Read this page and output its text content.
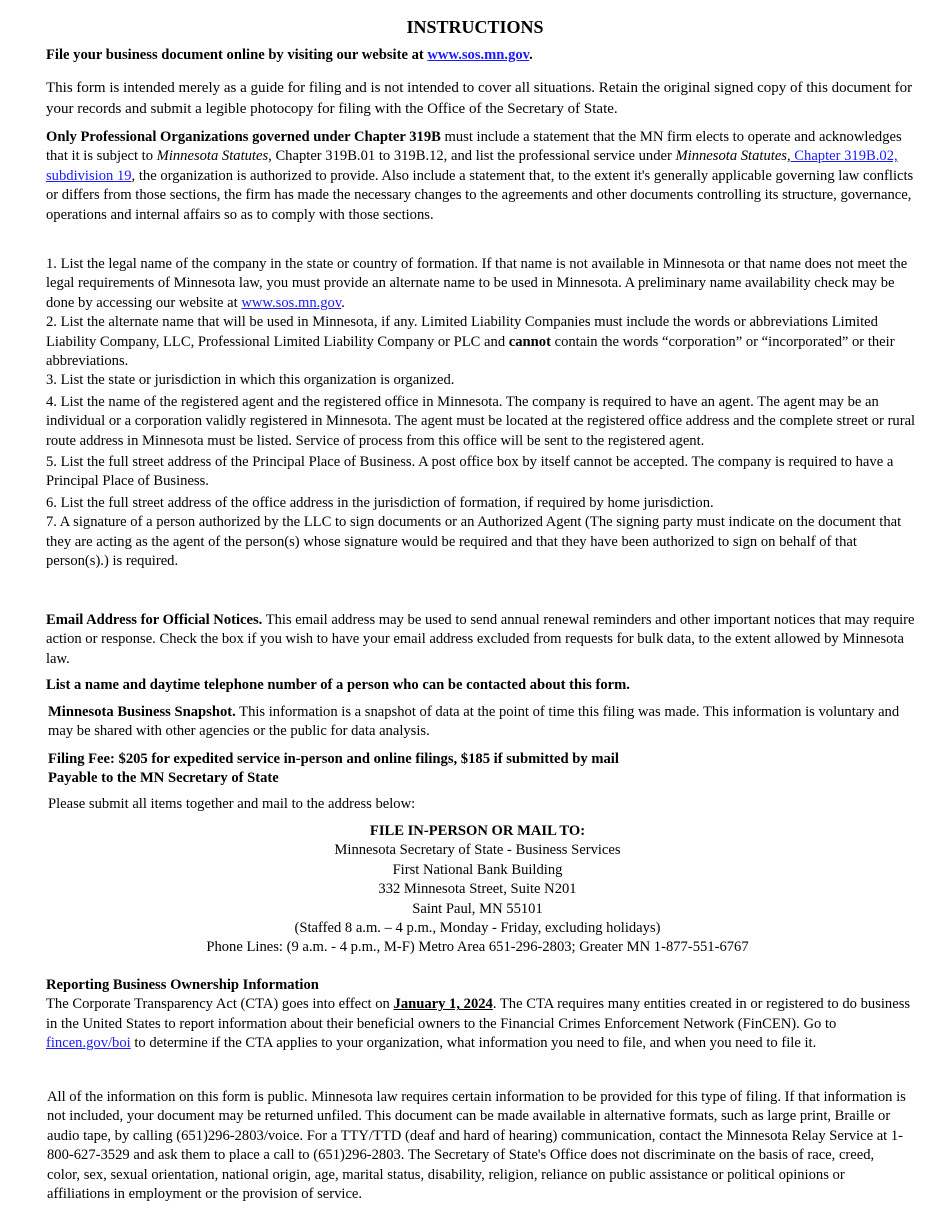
INSTRUCTIONS

File your business document online by visiting our website at www.sos.mn.gov.

This form is intended merely as a guide for filing and is not intended to cover all situations. Retain the original signed copy of this document for your records and submit a legible photocopy for filing with the Office of the Secretary of State.

Only Professional Organizations governed under Chapter 319B must include a statement that the MN firm elects to operate and acknowledges that it is subject to Minnesota Statutes, Chapter 319B.01 to 319B.12, and list the professional service under Minnesota Statutes, Chapter 319B.02, subdivision 19, the organization is authorized to provide. Also include a statement that, to the extent it's generally applicable governing law conflicts or differs from those sections, the firm has made the necessary changes to the agreements and other documents controlling its structure, governance, operations and internal affairs so as to comply with those sections.

1. List the legal name of the company in the state or country of formation. If that name is not available in Minnesota or that name does not meet the legal requirements of Minnesota law, you must provide an alternate name to be used in Minnesota. A preliminary name availability check may be done by accessing our website at www.sos.mn.gov.

2. List the alternate name that will be used in Minnesota, if any. Limited Liability Companies must include the words or abbreviations Limited Liability Company, LLC, Professional Limited Liability Company or PLC and cannot contain the words “corporation” or “incorporated” or their abbreviations.

3. List the state or jurisdiction in which this organization is organized.

4. List the name of the registered agent and the registered office in Minnesota. The company is required to have an agent. The agent may be an individual or a corporation validly registered in Minnesota. The agent must be located at the registered office address and the complete street or rural route address in Minnesota must be listed. Service of process from this office will be sent to the registered agent.

5. List the full street address of the Principal Place of Business. A post office box by itself cannot be accepted. The company is required to have a Principal Place of Business.

6. List the full street address of the office address in the jurisdiction of formation, if required by home jurisdiction.

7. A signature of a person authorized by the LLC to sign documents or an Authorized Agent (The signing party must indicate on the document that they are acting as the agent of the person(s) whose signature would be required and that they have been authorized to sign on behalf of that person(s).) is required.

Email Address for Official Notices. This email address may be used to send annual renewal reminders and other important notices that may require action or response. Check the box if you wish to have your email address excluded from requests for bulk data, to the extent allowed by Minnesota law.

List a name and daytime telephone number of a person who can be contacted about this form.

Minnesota Business Snapshot. This information is a snapshot of data at the point of time this filing was made. This information is voluntary and may be shared with other agencies or the public for data analysis.

Filing Fee: $205 for expedited service in-person and online filings, $185 if submitted by mail
Payable to the MN Secretary of State

Please submit all items together and mail to the address below:

FILE IN-PERSON OR MAIL TO:
Minnesota Secretary of State - Business Services
First National Bank Building
332 Minnesota Street, Suite N201
Saint Paul, MN 55101
(Staffed 8 a.m. – 4 p.m., Monday - Friday, excluding holidays)
Phone Lines: (9 a.m. - 4 p.m., M-F) Metro Area 651-296-2803; Greater MN 1-877-551-6767

Reporting Business Ownership Information
The Corporate Transparency Act (CTA) goes into effect on January 1, 2024. The CTA requires many entities created in or registered to do business in the United States to report information about their beneficial owners to the Financial Crimes Enforcement Network (FinCEN). Go to fincen.gov/boi to determine if the CTA applies to your organization, what information you need to file, and when you need to file it.

All of the information on this form is public. Minnesota law requires certain information to be provided for this type of filing. If that information is not included, your document may be returned unfiled. This document can be made available in alternative formats, such as large print, Braille or audio tape, by calling (651)296-2803/voice. For a TTY/TTD (deaf and hard of hearing) communication, contact the Minnesota Relay Service at 1-800-627-3529 and ask them to place a call to (651)296-2803. The Secretary of State's Office does not discriminate on the basis of race, creed, color, sex, sexual orientation, national origin, age, marital status, disability, religion, reliance on public assistance or political opinions or affiliations in employment or the provision of service.
